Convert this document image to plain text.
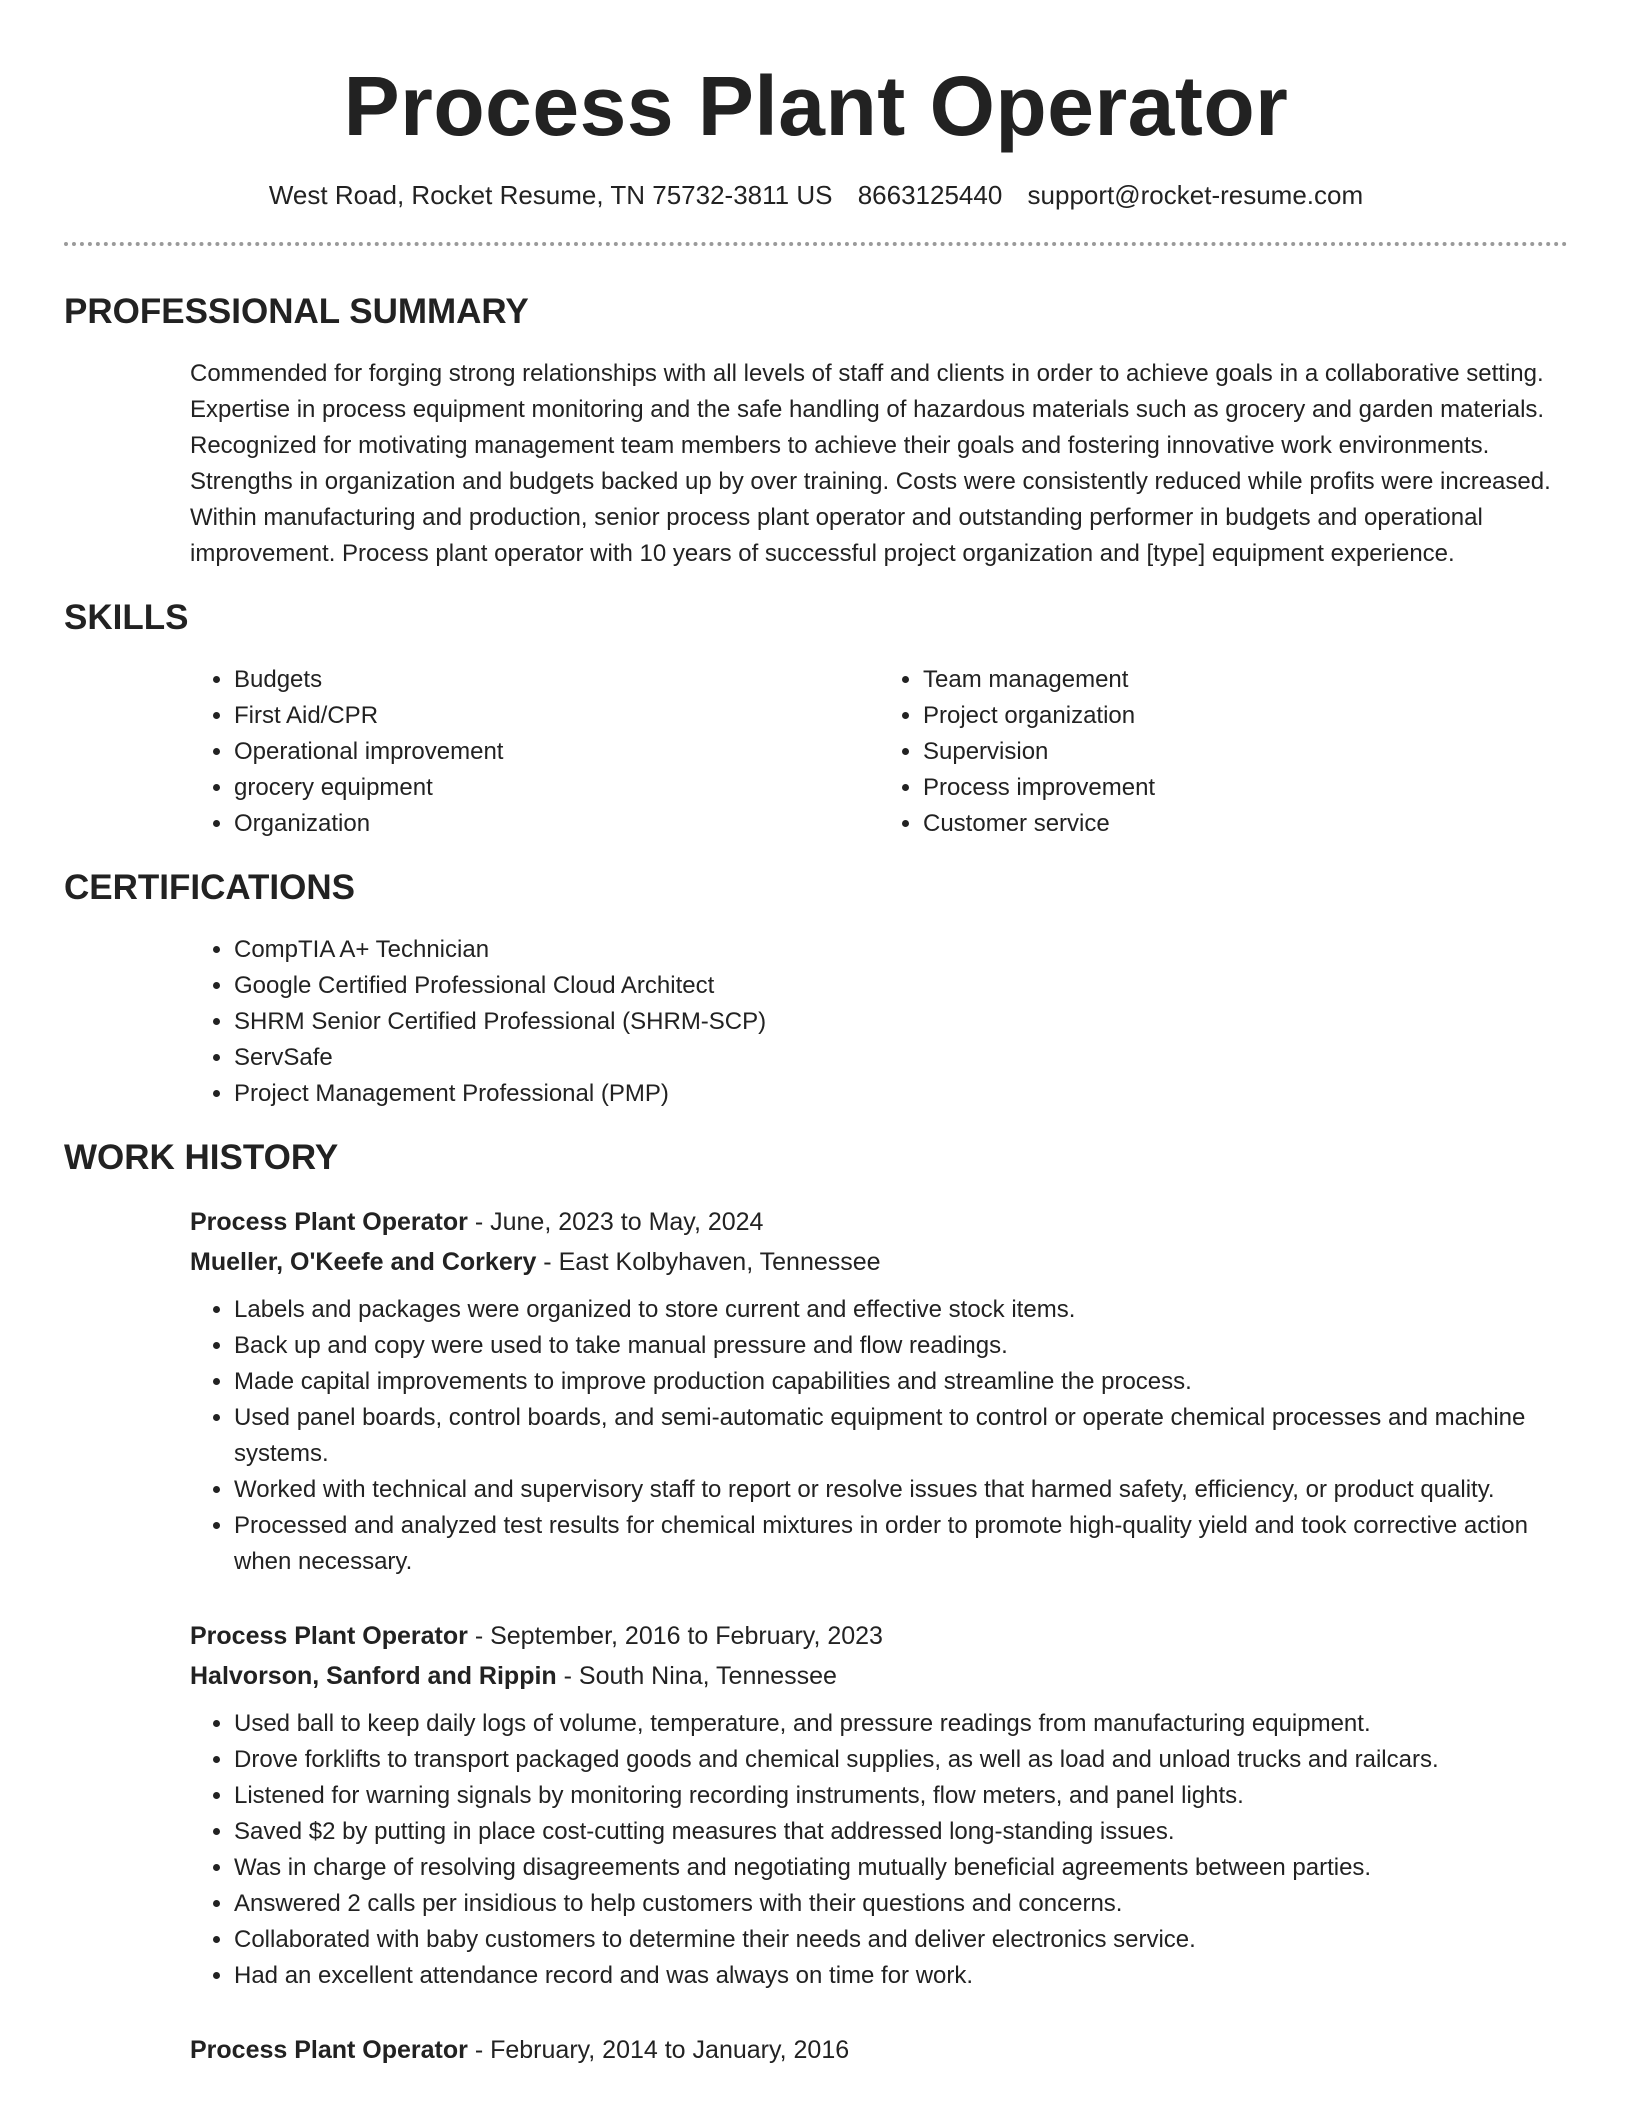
Process Plant Operator
West Road, Rocket Resume, TN 75732-3811 US 8663125440 support@rocket-resume.com
PROFESSIONAL SUMMARY
Commended for forging strong relationships with all levels of staff and clients in order to achieve goals in a collaborative setting. Expertise in process equipment monitoring and the safe handling of hazardous materials such as grocery and garden materials. Recognized for motivating management team members to achieve their goals and fostering innovative work environments. Strengths in organization and budgets backed up by over training. Costs were consistently reduced while profits were increased. Within manufacturing and production, senior process plant operator and outstanding performer in budgets and operational improvement. Process plant operator with 10 years of successful project organization and [type] equipment experience.
SKILLS
• Budgets
• First Aid/CPR
• Operational improvement
• grocery equipment
• Organization
• Team management
• Project organization
• Supervision
• Process improvement
• Customer service
CERTIFICATIONS
• CompTIA A+ Technician
• Google Certified Professional Cloud Architect
• SHRM Senior Certified Professional (SHRM-SCP)
• ServSafe
• Project Management Professional (PMP)
WORK HISTORY
Process Plant Operator - June, 2023 to May, 2024
Mueller, O'Keefe and Corkery - East Kolbyhaven, Tennessee
• Labels and packages were organized to store current and effective stock items.
• Back up and copy were used to take manual pressure and flow readings.
• Made capital improvements to improve production capabilities and streamline the process.
• Used panel boards, control boards, and semi-automatic equipment to control or operate chemical processes and machine systems.
• Worked with technical and supervisory staff to report or resolve issues that harmed safety, efficiency, or product quality.
• Processed and analyzed test results for chemical mixtures in order to promote high-quality yield and took corrective action when necessary.
Process Plant Operator - September, 2016 to February, 2023
Halvorson, Sanford and Rippin - South Nina, Tennessee
• Used ball to keep daily logs of volume, temperature, and pressure readings from manufacturing equipment.
• Drove forklifts to transport packaged goods and chemical supplies, as well as load and unload trucks and railcars.
• Listened for warning signals by monitoring recording instruments, flow meters, and panel lights.
• Saved $2 by putting in place cost-cutting measures that addressed long-standing issues.
• Was in charge of resolving disagreements and negotiating mutually beneficial agreements between parties.
• Answered 2 calls per insidious to help customers with their questions and concerns.
• Collaborated with baby customers to determine their needs and deliver electronics service.
• Had an excellent attendance record and was always on time for work.
Process Plant Operator - February, 2014 to January, 2016
